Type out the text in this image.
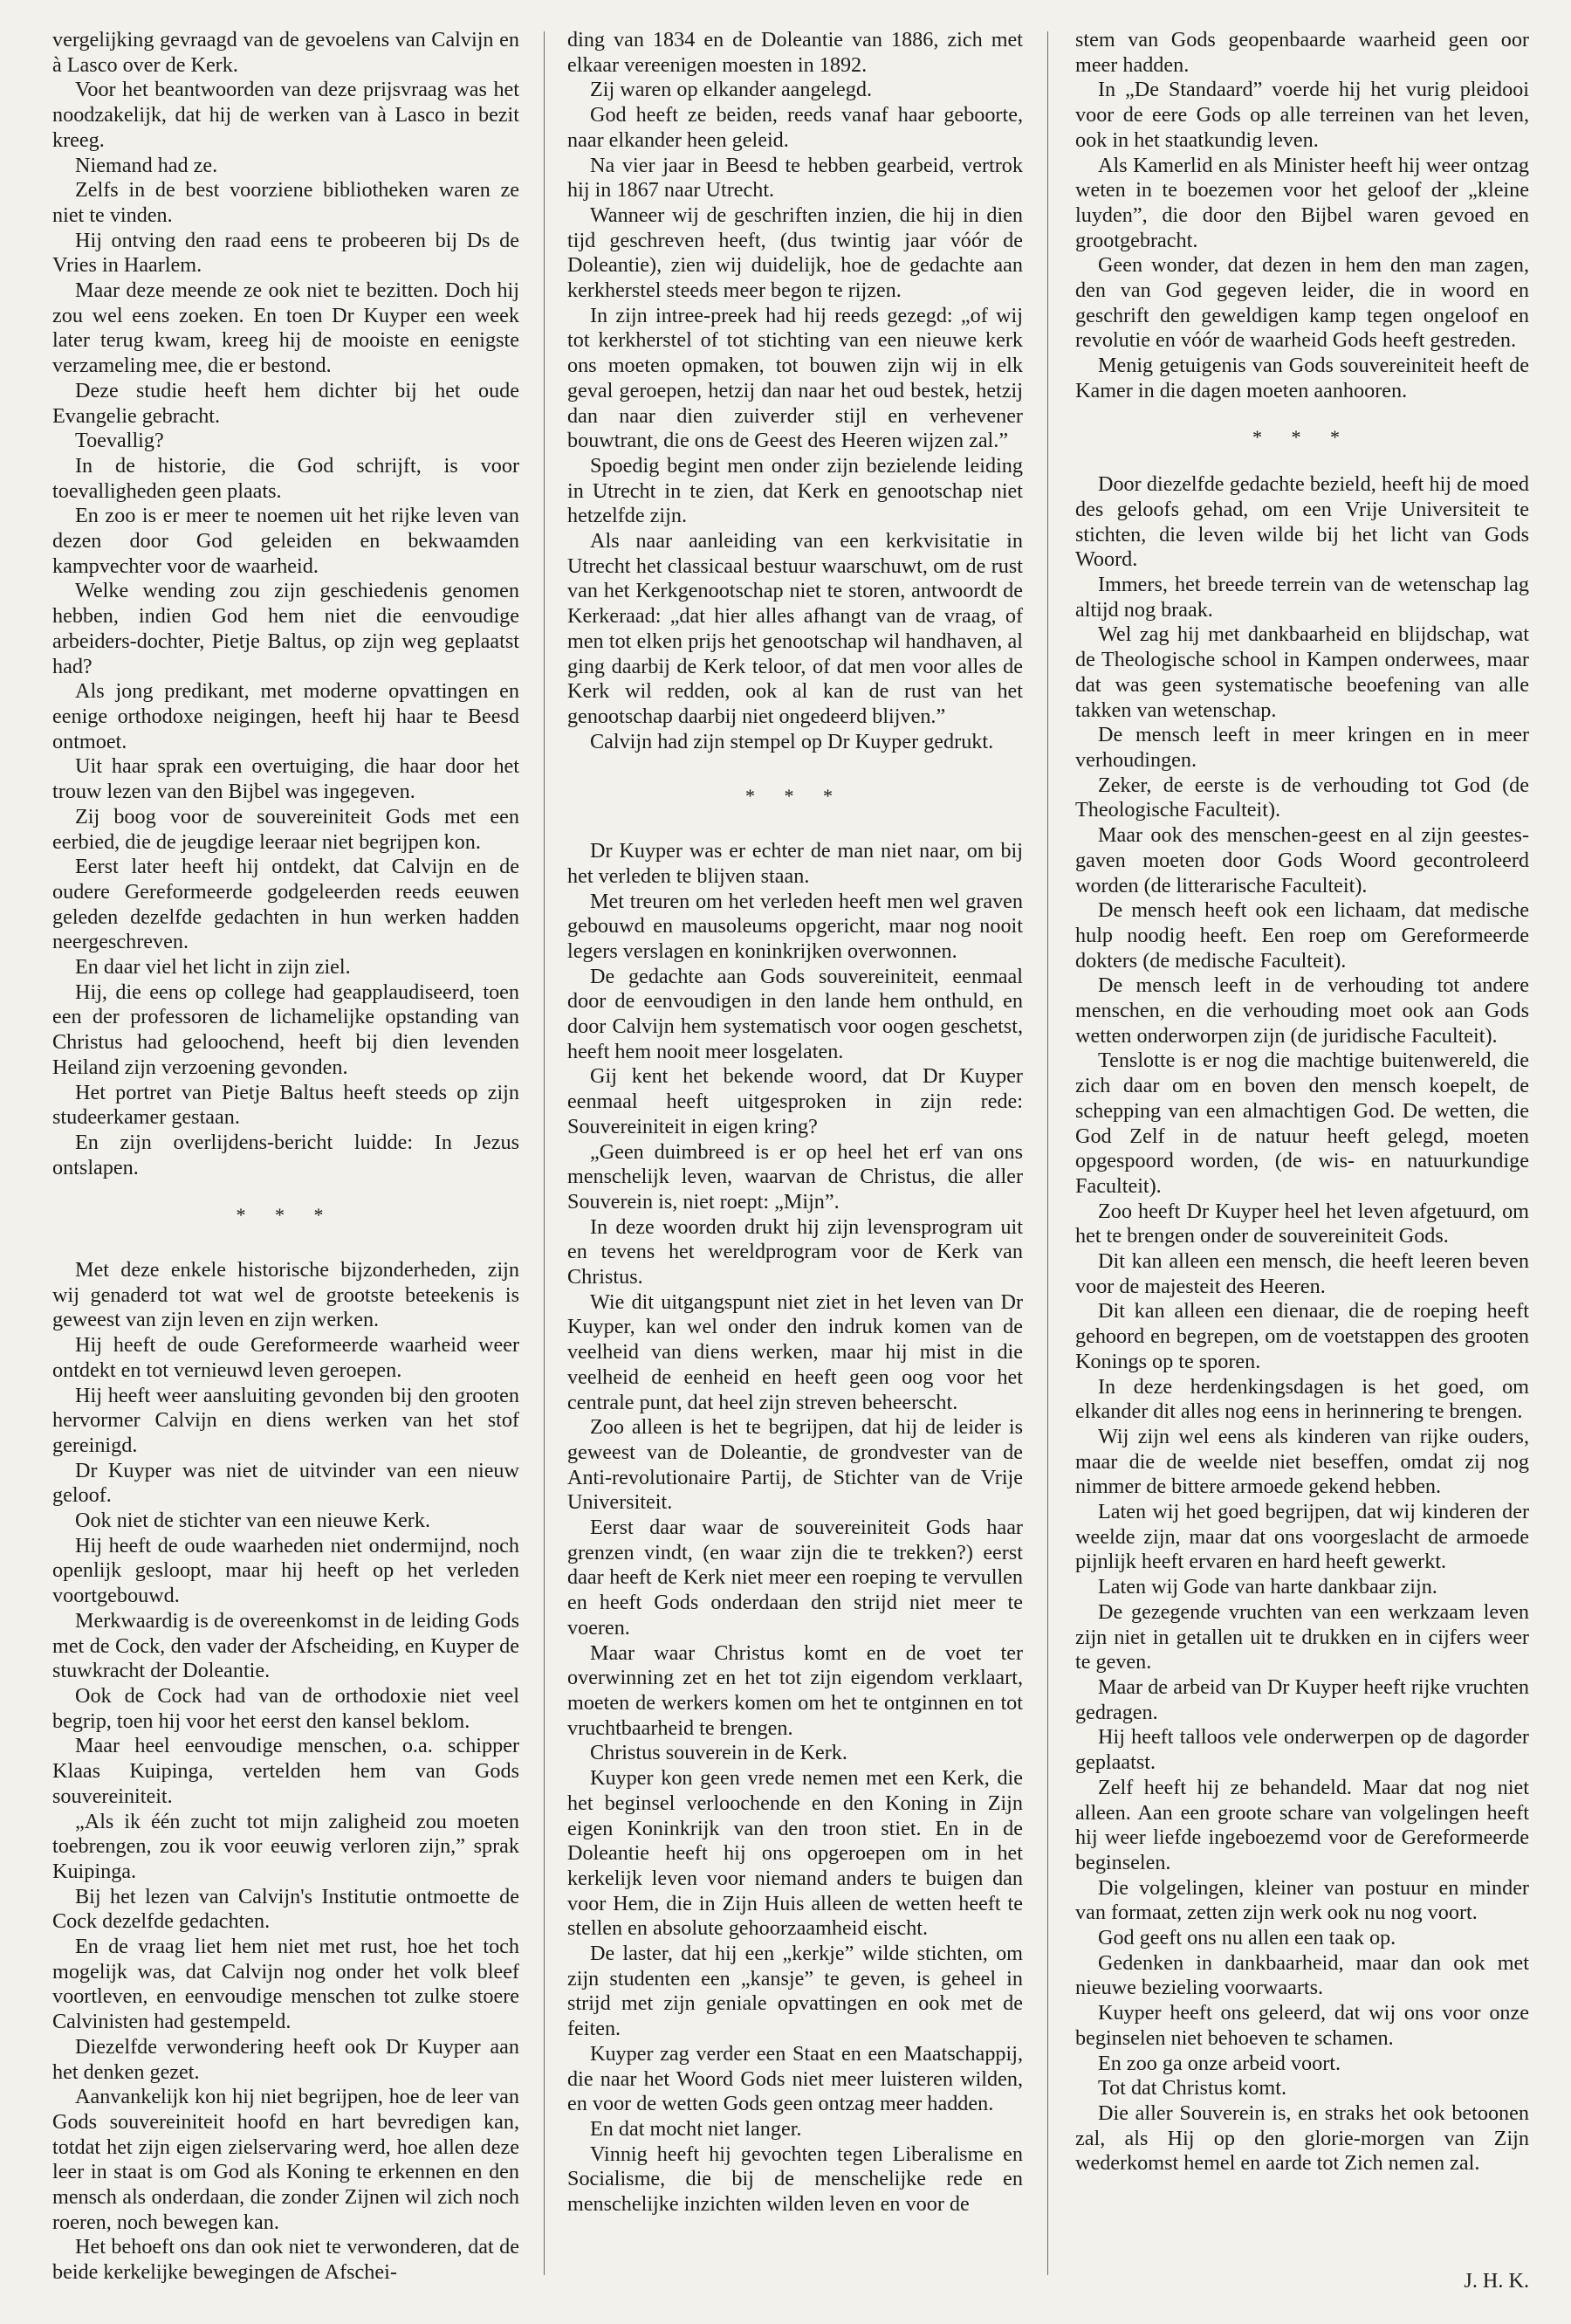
vergelijking gevraagd van de gevoelens van Calvijn en à Lasco over de Kerk.

Voor het beantwoorden van deze prijsvraag was het noodzakelijk, dat hij de werken van à Lasco in bezit kreeg.

Niemand had ze.

Zelfs in de best voorziene bibliotheken waren ze niet te vinden.

Hij ontving den raad eens te probeeren bij Ds de Vries in Haarlem.

Maar deze meende ze ook niet te bezitten. Doch hij zou wel eens zoeken. En toen Dr Kuyper een week later terug kwam, kreeg hij de mooiste en eenigste verzameling mee, die er bestond.

Deze studie heeft hem dichter bij het oude Evangelie gebracht.

Toevallig?

In de historie, die God schrijft, is voor toevalligheden geen plaats.

En zoo is er meer te noemen uit het rijke leven van dezen door God geleiden en bekwaamden kampvechter voor de waarheid.

Welke wending zou zijn geschiedenis genomen hebben, indien God hem niet die eenvoudige arbeiders-dochter, Pietje Baltus, op zijn weg geplaatst had?

Als jong predikant, met moderne opvattingen en eenige orthodoxe neigingen, heeft hij haar te Beesd ontmoet.

Uit haar sprak een overtuiging, die haar door het trouw lezen van den Bijbel was ingegeven.

Zij boog voor de souvereiniteit Gods met een eerbied, die de jeugdige leeraar niet begrijpen kon.

Eerst later heeft hij ontdekt, dat Calvijn en de oudere Gereformeerde godgeleerden reeds eeuwen geleden dezelfde gedachten in hun werken hadden neergeschreven.

En daar viel het licht in zijn ziel.

Hij, die eens op college had geapplaudiseerd, toen een der professoren de lichamelijke opstanding van Christus had geloochend, heeft bij dien levenden Heiland zijn verzoening gevonden.

Het portret van Pietje Baltus heeft steeds op zijn studeerkamer gestaan.

En zijn overlijdens-bericht luidde: In Jezus ontslapen.

* * *

Met deze enkele historische bijzonderheden, zijn wij genaderd tot wat wel de grootste beteekenis is geweest van zijn leven en zijn werken.

Hij heeft de oude Gereformeerde waarheid weer ontdekt en tot vernieuwd leven geroepen.

Hij heeft weer aansluiting gevonden bij den grooten hervormer Calvijn en diens werken van het stof gereinigd.

Dr Kuyper was niet de uitvinder van een nieuw geloof.

Ook niet de stichter van een nieuwe Kerk.

Hij heeft de oude waarheden niet ondermijnd, noch openlijk gesloopt, maar hij heeft op het verleden voortgebouwd.

Merkwaardig is de overeenkomst in de leiding Gods met de Cock, den vader der Afscheiding, en Kuyper de stuwkracht der Doleantie.

Ook de Cock had van de orthodoxie niet veel begrip, toen hij voor het eerst den kansel beklom.

Maar heel eenvoudige menschen, o.a. schipper Klaas Kuipinga, vertelden hem van Gods souvereiniteit.

„Als ik één zucht tot mijn zaligheid zou moeten toebrengen, zou ik voor eeuwig verloren zijn,” sprak Kuipinga.

Bij het lezen van Calvijn's Institutie ontmoette de Cock dezelfde gedachten.

En de vraag liet hem niet met rust, hoe het toch mogelijk was, dat Calvijn nog onder het volk bleef voortleven, en eenvoudige menschen tot zulke stoere Calvinisten had gestempeld.

Diezelfde verwondering heeft ook Dr Kuyper aan het denken gezet.

Aanvankelijk kon hij niet begrijpen, hoe de leer van Gods souvereiniteit hoofd en hart bevredigen kan, totdat het zijn eigen zielservaring werd, hoe allen deze leer in staat is om God als Koning te erkennen en den mensch als onderdaan, die zonder Zijnen wil zich noch roeren, noch bewegen kan.

Het behoeft ons dan ook niet te verwonderen, dat de beide kerkelijke bewegingen de Afschei-

ding van 1834 en de Doleantie van 1886, zich met elkaar vereenigen moesten in 1892.

Zij waren op elkander aangelegd.

God heeft ze beiden, reeds vanaf haar geboorte, naar elkander heen geleid.

Na vier jaar in Beesd te hebben gearbeid, vertrok hij in 1867 naar Utrecht.

Wanneer wij de geschriften inzien, die hij in dien tijd geschreven heeft, (dus twintig jaar vóór de Doleantie), zien wij duidelijk, hoe de gedachte aan kerkherstel steeds meer begon te rijzen.

In zijn intree-preek had hij reeds gezegd: „of wij tot kerkherstel of tot stichting van een nieuwe kerk ons moeten opmaken, tot bouwen zijn wij in elk geval geroepen, hetzij dan naar het oud bestek, hetzij dan naar dien zuiverder stijl en verhevener bouwtrant, die ons de Geest des Heeren wijzen zal.”

Spoedig begint men onder zijn bezielende leiding in Utrecht in te zien, dat Kerk en genootschap niet hetzelfde zijn.

Als naar aanleiding van een kerkvisitatie in Utrecht het classicaal bestuur waarschuwt, om de rust van het Kerkgenootschap niet te storen, antwoordt de Kerkeraad: „dat hier alles afhangt van de vraag, of men tot elken prijs het genootschap wil handhaven, al ging daarbij de Kerk teloor, of dat men voor alles de Kerk wil redden, ook al kan de rust van het genootschap daarbij niet ongedeerd blijven.”

Calvijn had zijn stempel op Dr Kuyper gedrukt.

* * *

Dr Kuyper was er echter de man niet naar, om bij het verleden te blijven staan.

Met treuren om het verleden heeft men wel graven gebouwd en mausoleums opgericht, maar nog nooit legers verslagen en koninkrijken overwonnen.

De gedachte aan Gods souvereiniteit, eenmaal door de eenvoudigen in den lande hem onthuld, en door Calvijn hem systematisch voor oogen geschetst, heeft hem nooit meer losgelaten.

Gij kent het bekende woord, dat Dr Kuyper eenmaal heeft uitgesproken in zijn rede: Souvereiniteit in eigen kring?

„Geen duimbreed is er op heel het erf van ons menschelijk leven, waarvan de Christus, die aller Souverein is, niet roept: „Mijn”.

In deze woorden drukt hij zijn levensprogram uit en tevens het wereldprogram voor de Kerk van Christus.

Wie dit uitgangspunt niet ziet in het leven van Dr Kuyper, kan wel onder den indruk komen van de veelheid van diens werken, maar hij mist in die veelheid de eenheid en heeft geen oog voor het centrale punt, dat heel zijn streven beheerscht.

Zoo alleen is het te begrijpen, dat hij de leider is geweest van de Doleantie, de grondvester van de Anti-revolutionaire Partij, de Stichter van de Vrije Universiteit.

Eerst daar waar de souvereiniteit Gods haar grenzen vindt, (en waar zijn die te trekken?) eerst daar heeft de Kerk niet meer een roeping te vervullen en heeft Gods onderdaan den strijd niet meer te voeren.

Maar waar Christus komt en de voet ter overwinning zet en het tot zijn eigendom verklaart, moeten de werkers komen om het te ontginnen en tot vruchtbaarheid te brengen.

Christus souverein in de Kerk.

Kuyper kon geen vrede nemen met een Kerk, die het beginsel verloochende en den Koning in Zijn eigen Koninkrijk van den troon stiet. En in de Doleantie heeft hij ons opgeroepen om in het kerkelijk leven voor niemand anders te buigen dan voor Hem, die in Zijn Huis alleen de wetten heeft te stellen en absolute gehoorzaamheid eischt.

De laster, dat hij een „kerkje” wilde stichten, om zijn studenten een „kansje” te geven, is geheel in strijd met zijn geniale opvattingen en ook met de feiten.

Kuyper zag verder een Staat en een Maatschappij, die naar het Woord Gods niet meer luisteren wilden, en voor de wetten Gods geen ontzag meer hadden.

En dat mocht niet langer.

Vinnig heeft hij gevochten tegen Liberalisme en Socialisme, die bij de menschelijke rede en menschelijke inzichten wilden leven en voor de

stem van Gods geopenbaarde waarheid geen oor meer hadden.

In „De Standaard” voerde hij het vurig pleidooi voor de eere Gods op alle terreinen van het leven, ook in het staatkundig leven.

Als Kamerlid en als Minister heeft hij weer ontzag weten in te boezemen voor het geloof der „kleine luyden”, die door den Bijbel waren gevoed en grootgebracht.

Geen wonder, dat dezen in hem den man zagen, den van God gegeven leider, die in woord en geschrift den geweldigen kamp tegen ongeloof en revolutie en vóór de waarheid Gods heeft gestreden.

Menig getuigenis van Gods souvereiniteit heeft de Kamer in die dagen moeten aanhooren.

* * *

Door diezelfde gedachte bezield, heeft hij de moed des geloofs gehad, om een Vrije Universiteit te stichten, die leven wilde bij het licht van Gods Woord.

Immers, het breede terrein van de wetenschap lag altijd nog braak.

Wel zag hij met dankbaarheid en blijdschap, wat de Theologische school in Kampen onderwees, maar dat was geen systematische beoefening van alle takken van wetenschap.

De mensch leeft in meer kringen en in meer verhoudingen.

Zeker, de eerste is de verhouding tot God (de Theologische Faculteit).

Maar ook des menschen-geest en al zijn geestes-gaven moeten door Gods Woord gecontroleerd worden (de litterarische Faculteit).

De mensch heeft ook een lichaam, dat medische hulp noodig heeft. Een roep om Gereformeerde dokters (de medische Faculteit).

De mensch leeft in de verhouding tot andere menschen, en die verhouding moet ook aan Gods wetten onderworpen zijn (de juridische Faculteit).

Tenslotte is er nog die machtige buitenwereld, die zich daar om en boven den mensch koepelt, de schepping van een almachtigen God. De wetten, die God Zelf in de natuur heeft gelegd, moeten opgespoord worden, (de wis- en natuurkundige Faculteit).

Zoo heeft Dr Kuyper heel het leven afgetuurd, om het te brengen onder de souvereiniteit Gods.

Dit kan alleen een mensch, die heeft leeren beven voor de majesteit des Heeren.

Dit kan alleen een dienaar, die de roeping heeft gehoord en begrepen, om de voetstappen des grooten Konings op te sporen.

In deze herdenkingsdagen is het goed, om elkander dit alles nog eens in herinnering te brengen.

Wij zijn wel eens als kinderen van rijke ouders, maar die de weelde niet beseffen, omdat zij nog nimmer de bittere armoede gekend hebben.

Laten wij het goed begrijpen, dat wij kinderen der weelde zijn, maar dat ons voorgeslacht de armoede pijnlijk heeft ervaren en hard heeft gewerkt.

Laten wij Gode van harte dankbaar zijn.

De gezegende vruchten van een werkzaam leven zijn niet in getallen uit te drukken en in cijfers weer te geven.

Maar de arbeid van Dr Kuyper heeft rijke vruchten gedragen.

Hij heeft talloos vele onderwerpen op de dagorder geplaatst.

Zelf heeft hij ze behandeld. Maar dat nog niet alleen. Aan een groote schare van volgelingen heeft hij weer liefde ingeboezemd voor de Gereformeerde beginselen.

Die volgelingen, kleiner van postuur en minder van formaat, zetten zijn werk ook nu nog voort.

God geeft ons nu allen een taak op.

Gedenken in dankbaarheid, maar dan ook met nieuwe bezieling voorwaarts.

Kuyper heeft ons geleerd, dat wij ons voor onze beginselen niet behoeven te schamen.

En zoo ga onze arbeid voort.

Tot dat Christus komt.

Die aller Souverein is, en straks het ook betoonen zal, als Hij op den glorie-morgen van Zijn wederkomst hemel en aarde tot Zich nemen zal.

J. H. K.
